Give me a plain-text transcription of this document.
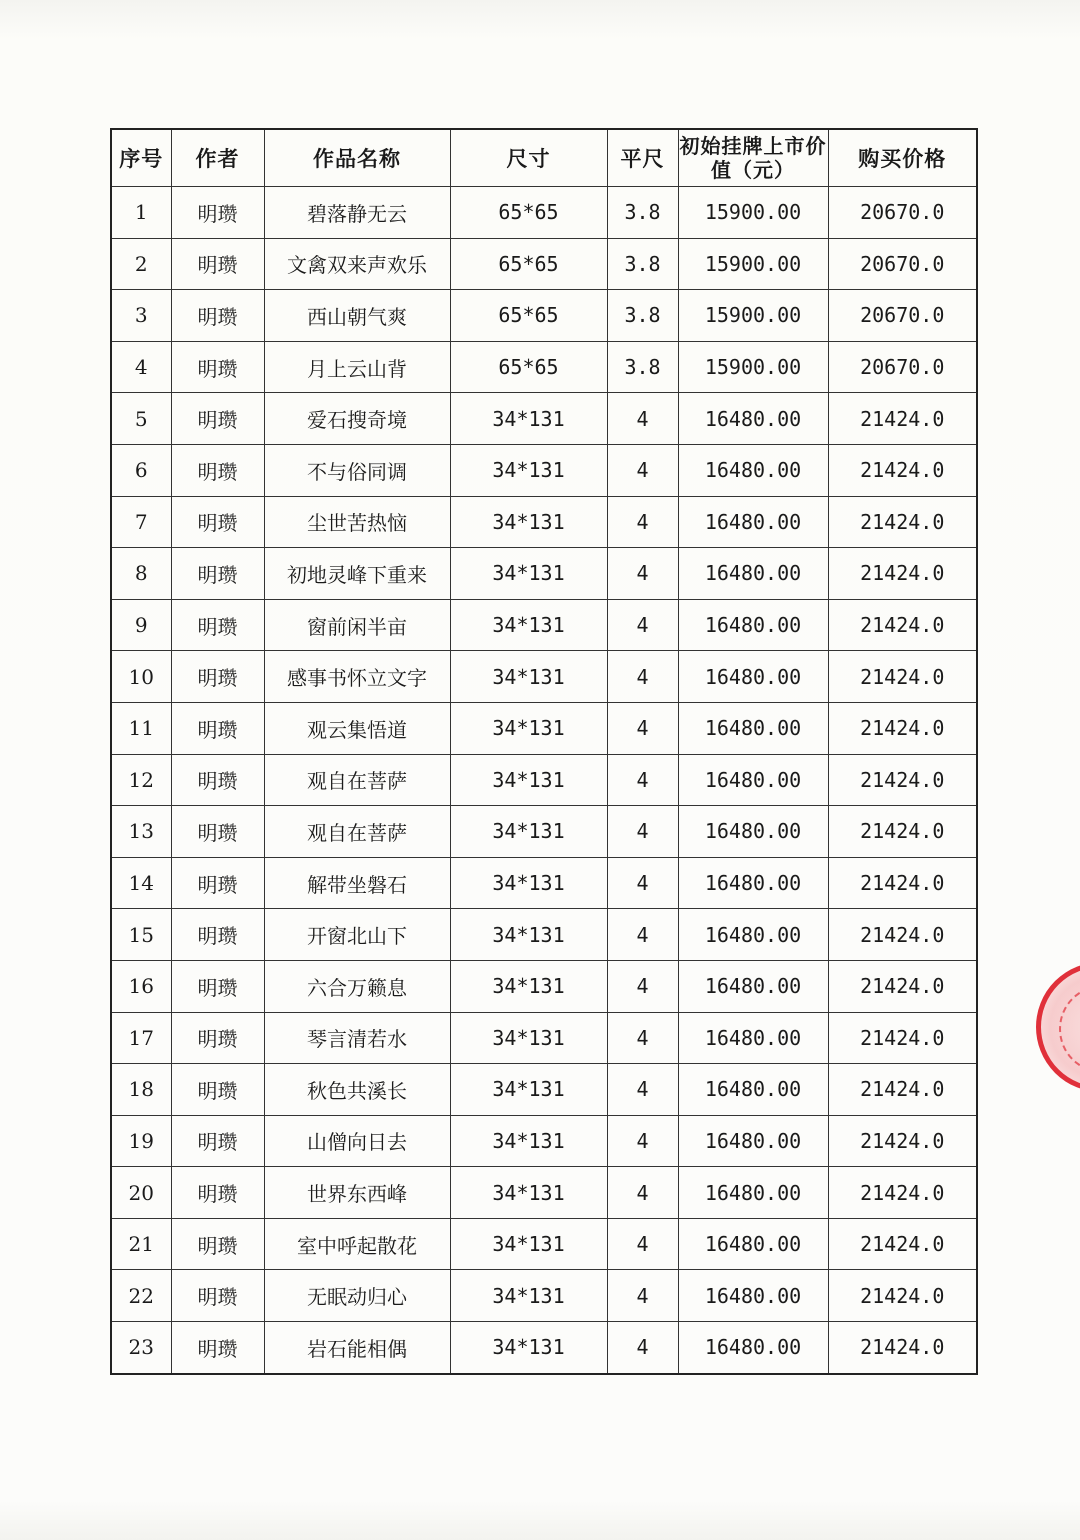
序号	作者	作品名称	尺寸	平尺	初始挂牌上市价值（元）	购买价格
1	明瓒	碧落静无云	65*65	3.8	15900.00	20670.0
2	明瓒	文禽双来声欢乐	65*65	3.8	15900.00	20670.0
3	明瓒	西山朝气爽	65*65	3.8	15900.00	20670.0
4	明瓒	月上云山背	65*65	3.8	15900.00	20670.0
5	明瓒	爱石搜奇境	34*131	4	16480.00	21424.0
6	明瓒	不与俗同调	34*131	4	16480.00	21424.0
7	明瓒	尘世苦热恼	34*131	4	16480.00	21424.0
8	明瓒	初地灵峰下重来	34*131	4	16480.00	21424.0
9	明瓒	窗前闲半亩	34*131	4	16480.00	21424.0
10	明瓒	感事书怀立文字	34*131	4	16480.00	21424.0
11	明瓒	观云集悟道	34*131	4	16480.00	21424.0
12	明瓒	观自在菩萨	34*131	4	16480.00	21424.0
13	明瓒	观自在菩萨	34*131	4	16480.00	21424.0
14	明瓒	解带坐磐石	34*131	4	16480.00	21424.0
15	明瓒	开窗北山下	34*131	4	16480.00	21424.0
16	明瓒	六合万籁息	34*131	4	16480.00	21424.0
17	明瓒	琴言清若水	34*131	4	16480.00	21424.0
18	明瓒	秋色共溪长	34*131	4	16480.00	21424.0
19	明瓒	山僧向日去	34*131	4	16480.00	21424.0
20	明瓒	世界东西峰	34*131	4	16480.00	21424.0
21	明瓒	室中呼起散花	34*131	4	16480.00	21424.0
22	明瓒	无眠动归心	34*131	4	16480.00	21424.0
23	明瓒	岩石能相偶	34*131	4	16480.00	21424.0
